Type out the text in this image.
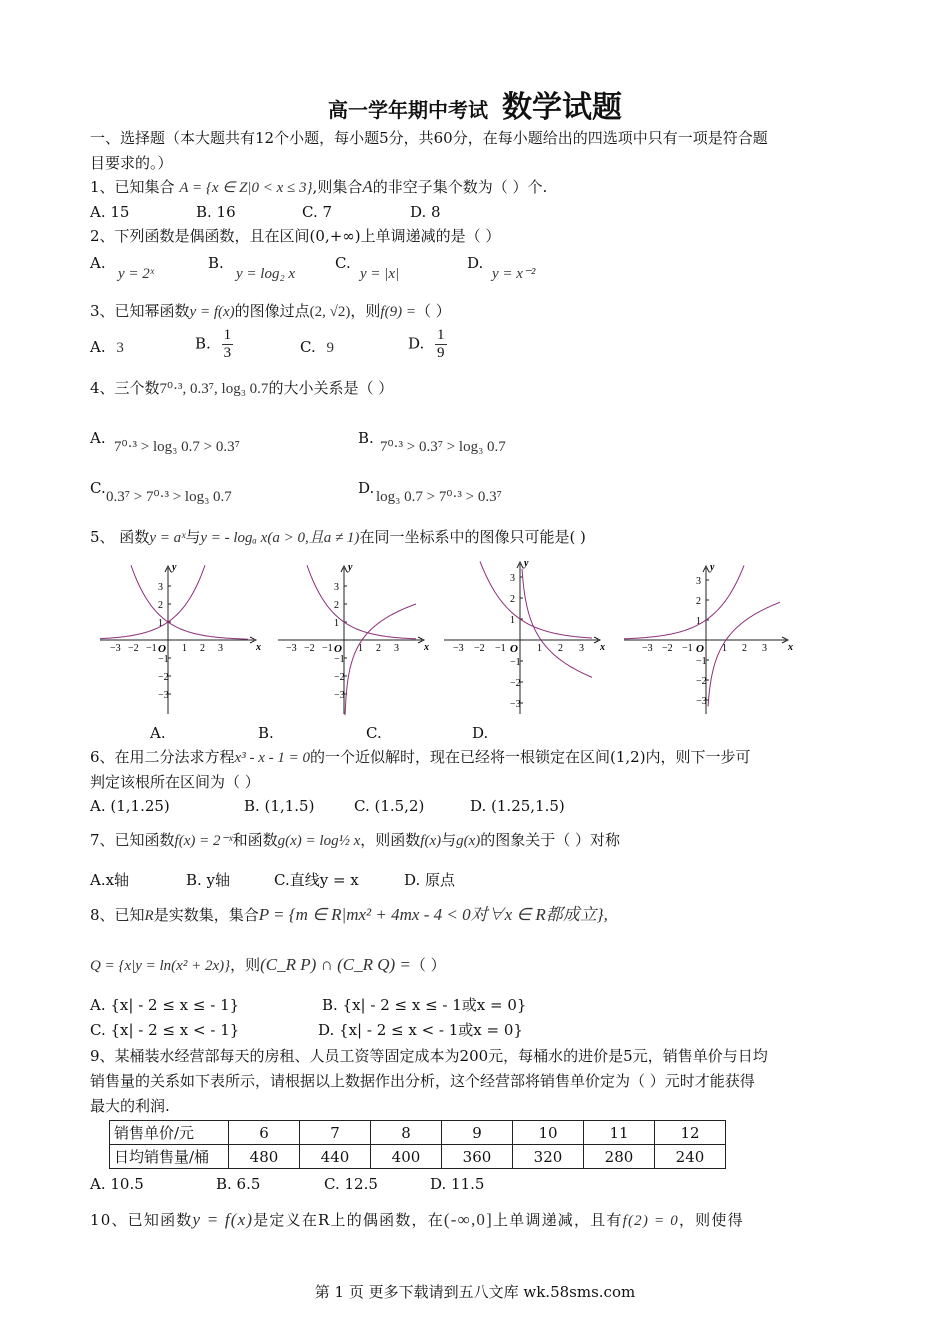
高一学年期中考试 数学试题
一、选择题（本大题共有12个小题，每小题5分，共60分，在每小题给出的四选项中只有一项是符合题
目要求的。）
1、已知集合 A = {x ∈ Z|0 < x ≤ 3},则集合A的非空子集个数为（ ）个.
A. 15	B. 16	C. 7	D. 8
2、下列函数是偶函数，且在区间(0,+∞)上单调递减的是（ ）
A.
y = 2ˣ
B.
y = log₂ x
C.
y = |x|
D.
y = x⁻²
3、已知幂函数y = f(x)的图像过点(2, √2)，则f(9) =（ ）
A. 3	B. $\frac{1}{3}$	C. 9	D. $\frac{1}{9}$
4、三个数7⁰·³, 0.3⁷, log₃ 0.7的大小关系是（ ）
A. 7⁰·³ > log₃ 0.7 > 0.3⁷	B. 7⁰·³ > 0.3⁷ > log₃ 0.7
C. 0.3⁷ > 7⁰·³ > log₃ 0.7	D. log₃ 0.7 > 7⁰·³ > 0.3⁷
5、 函数y = aˣ与y = - logₐ x(a > 0,且a ≠ 1)在同一坐标系中的图像只可能是( )
x
y
O
−3 −2 −1	1 2 3
3
2
1
−1
−2
−3
x
y
O
−3 −2 −1	1 2 3
3
2
1
−1
−2
−3
x
y
O
−3 −2 −1	1 2 3
3
2
1
−1
−2
−3
x
y
O
−3 −2 −1	1 2 3
3
2
1
−1
−2
−3
A.	B.	C.	D.
6、在用二分法求方程x³ - x - 1 = 0的一个近似解时，现在已经将一根锁定在区间(1,2)内，则下一步可
判定该根所在区间为（ ）
A. (1,1.25)	B. (1,1.5)	C. (1.5,2)	D. (1.25,1.5)
7、已知函数f(x) = 2⁻ˣ和函数g(x) = log½ x，则函数f(x)与g(x)的图象关于（ ）对称
A.x轴	B. y轴	C.直线y = x	D. 原点
8、已知R是实数集，集合P = {m ∈ R|mx² + 4mx - 4 < 0对∀x ∈ R都成立},
Q = {x|y = ln(x² + 2x)}，则(C_R P) ∩ (C_R Q) =（ ）
A. {x| - 2 ≤ x ≤ - 1}	B. {x| - 2 ≤ x ≤ - 1或x = 0}
C. {x| - 2 ≤ x < - 1}	D. {x| - 2 ≤ x < - 1或x = 0}
9、某桶装水经营部每天的房租、人员工资等固定成本为200元，每桶水的进价是5元，销售单价与日均
销售量的关系如下表所示，请根据以上数据作出分析，这个经营部将销售单价定为（ ）元时才能获得
最大的利润.
销售单价/元	6	7	8	9	10	11	12
日均销售量/桶	480	440	400	360	320	280	240
A. 10.5	B. 6.5	C. 12.5	D. 11.5
10、已知函数y = f(x)是定义在R上的偶函数，在(-∞,0]上单调递减，且有f(2) = 0，则使得
第 1 页 更多下载请到五八文库 wk.58sms.com
